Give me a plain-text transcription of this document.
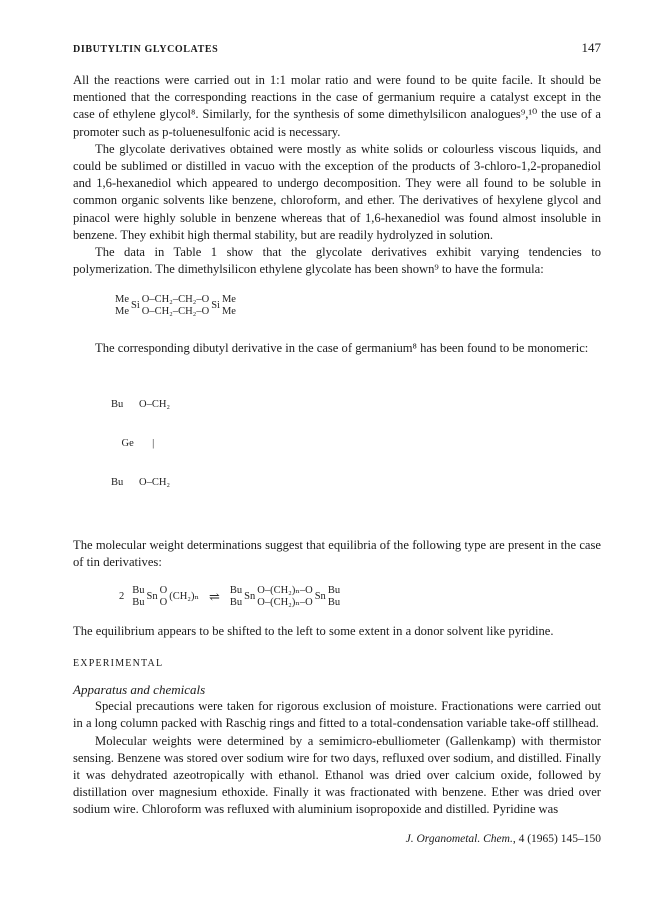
DIBUTYLTIN GLYCOLATES	147

All the reactions were carried out in 1:1 molar ratio and were found to be quite facile. It should be mentioned that the corresponding reactions in the case of germanium require a catalyst except in the case of ethylene glycol⁸. Similarly, for the synthesis of some dimethylsilicon analogues⁹,¹⁰ the use of a promoter such as p-toluenesulfonic acid is necessary.

The glycolate derivatives obtained were mostly as white solids or colourless viscous liquids, and could be sublimed or distilled in vacuo with the exception of the products of 3-chloro-1,2-propanediol and 1,6-hexanediol which appeared to undergo decomposition. They were all found to be soluble in common organic solvents like benzene, chloroform, and ether. The derivatives of hexylene glycol and pinacol were highly soluble in benzene whereas that of 1,6-hexanediol was found almost insoluble in benzene. They exhibit high thermal stability, but are readily hydrolyzed in solution.

The data in Table 1 show that the glycolate derivatives exhibit varying tendencies to polymerization. The dimethylsilicon ethylene glycolate has been shown⁹ to have the formula:

Me
Me
Si
O–CH₂–CH₂–O
O–CH₂–CH₂–O
Si
Me
Me

The corresponding dibutyl derivative in the case of germanium⁸ has been found to be monomeric:

Bu      O–CH₂

Ge       |

Bu      O–CH₂

The molecular weight determinations suggest that equilibria of the following type are present in the case of tin derivatives:

2
Bu
Bu
Sn
O
O
(CH₂)ₙ ⇌ Bu
Bu
Sn
O–(CH₂)ₙ–O
O–(CH₂)ₙ–O
Sn
Bu
Bu

The equilibrium appears to be shifted to the left to some extent in a donor solvent like pyridine.

EXPERIMENTAL
Apparatus and chemicals

Special precautions were taken for rigorous exclusion of moisture. Fractionations were carried out in a long column packed with Raschig rings and fitted to a total-condensation variable take-off stillhead.

Molecular weights were determined by a semimicro-ebulliometer (Gallenkamp) with thermistor sensing. Benzene was stored over sodium wire for two days, refluxed over sodium, and distilled. Finally it was dehydrated azeotropically with ethanol. Ethanol was dried over calcium oxide, followed by distillation over magnesium ethoxide. Finally it was fractionated with benzene. Ether was dried over sodium wire. Chloroform was refluxed with aluminium isopropoxide and distilled. Pyridine was

J. Organometal. Chem., 4 (1965) 145–150
